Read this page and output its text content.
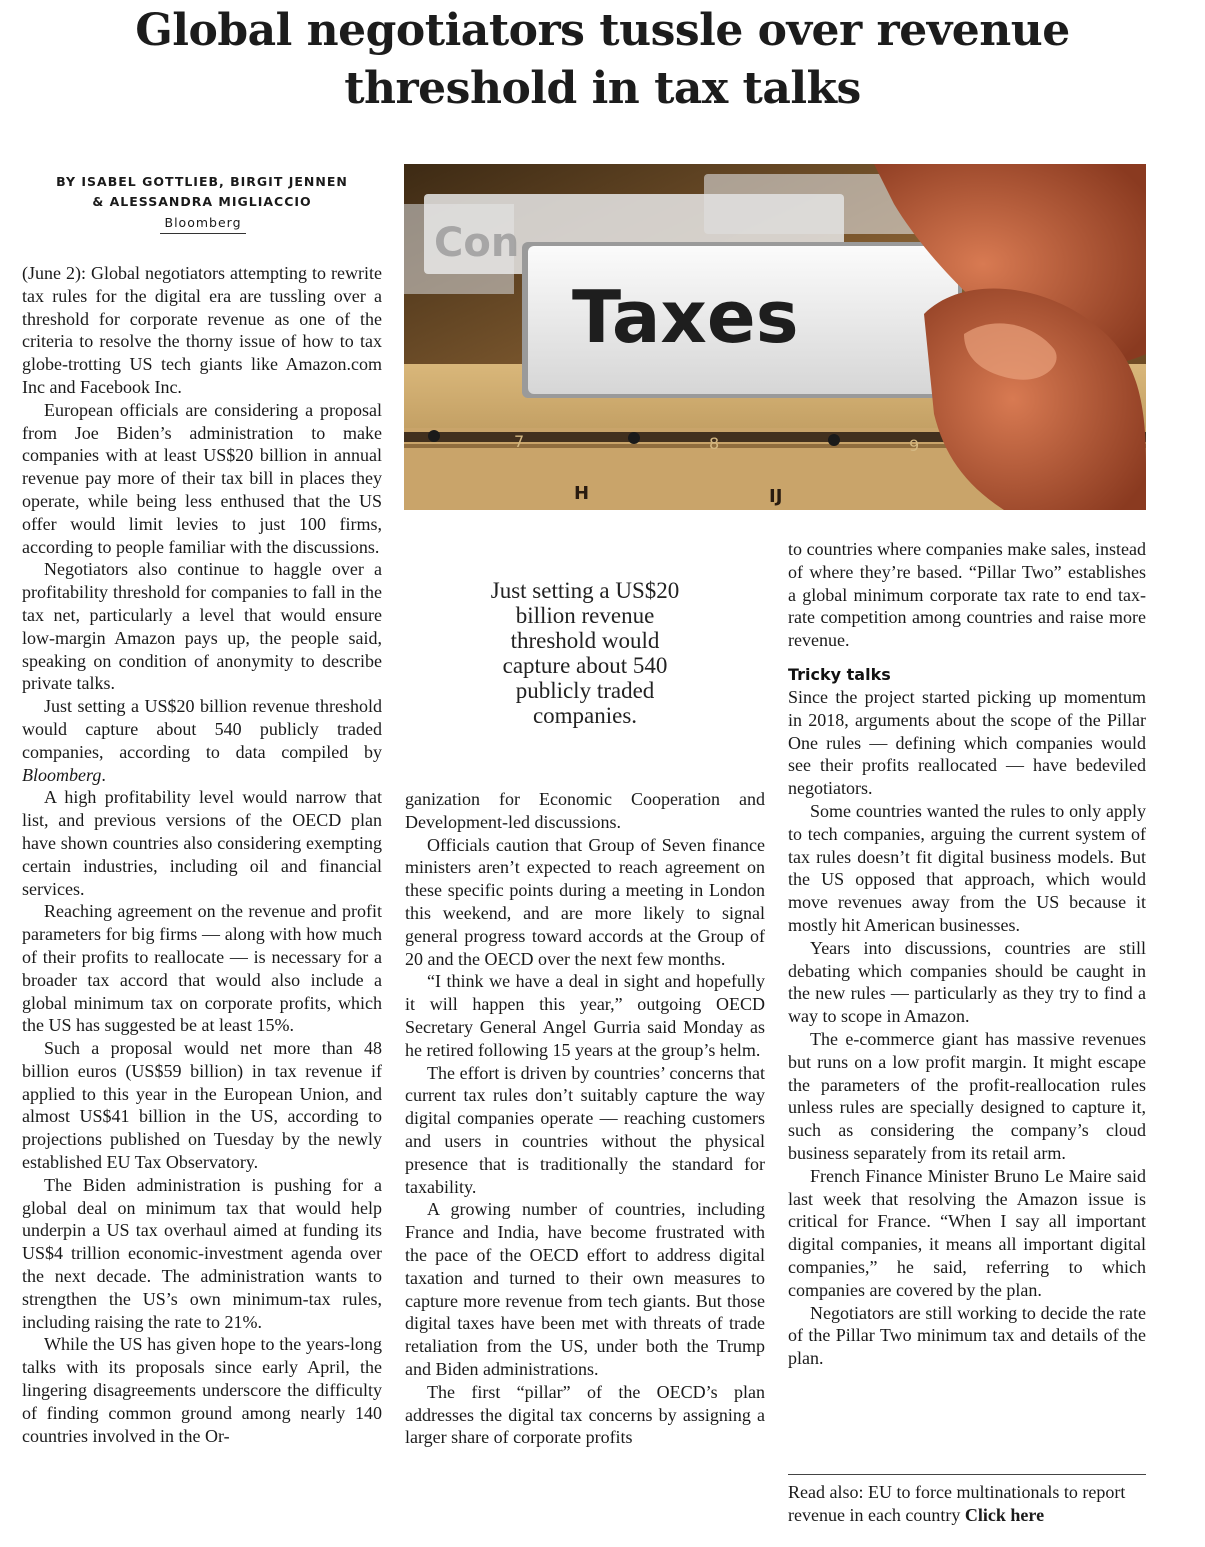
Global negotiators tussle over revenue
threshold in tax talks
BY ISABEL GOTTLIEB, BIRGIT JENNEN
& ALESSANDRA MIGLIACCIO
Bloomberg	Con
7	8	9
H	IJ
Taxes
Just setting a US$20
billion revenue
threshold would
capture about 540
publicly traded
companies.

(June 2): Global negotiators attempting to rewrite tax rules for the digital era are tussling over a threshold for corporate revenue as one of the criteria to resolve the thorny issue of how to tax globe-trotting US tech giants like Amazon.com Inc and Facebook Inc.

European officials are considering a proposal from Joe Biden’s administration to make companies with at least US$20 billion in annual revenue pay more of their tax bill in places they operate, while being less enthused that the US offer would limit levies to just 100 firms, according to people familiar with the discussions.

Negotiators also continue to haggle over a profitability threshold for companies to fall in the tax net, particularly a level that would ensure low-margin Amazon pays up, the people said, speaking on condition of anonymity to describe private talks.

Just setting a US$20 billion revenue threshold would capture about 540 publicly traded companies, according to data compiled by Bloomberg.

A high profitability level would narrow that list, and previous versions of the OECD plan have shown countries also considering exempting certain industries, including oil and financial services.

Reaching agreement on the revenue and profit parameters for big firms — along with how much of their profits to reallocate — is necessary for a broader tax accord that would also include a global minimum tax on corporate profits, which the US has suggested be at least 15%.

Such a proposal would net more than 48 billion euros (US$59 billion) in tax revenue if applied to this year in the European Union, and almost US$41 billion in the US, according to projections published on Tuesday by the newly established EU Tax Observatory.

The Biden administration is pushing for a global deal on minimum tax that would help underpin a US tax overhaul aimed at funding its US$4 trillion economic-investment agenda over the next decade. The administration wants to strengthen the US’s own minimum-tax rules, including raising the rate to 21%.

While the US has given hope to the years-long talks with its proposals since early April, the lingering disagreements underscore the difficulty of finding common ground among nearly 140 countries involved in the Or-

ganization for Economic Cooperation and Development-led discussions.

Officials caution that Group of Seven finance ministers aren’t expected to reach agreement on these specific points during a meeting in London this weekend, and are more likely to signal general progress toward accords at the Group of 20 and the OECD over the next few months.

“I think we have a deal in sight and hopefully it will happen this year,” outgoing OECD Secretary General Angel Gurria said Monday as he retired following 15 years at the group’s helm.

The effort is driven by countries’ concerns that current tax rules don’t suitably capture the way digital companies operate — reaching customers and users in countries without the physical presence that is traditionally the standard for taxability.

A growing number of countries, including France and India, have become frustrated with the pace of the OECD effort to address digital taxation and turned to their own measures to capture more revenue from tech giants. But those digital taxes have been met with threats of trade retaliation from the US, under both the Trump and Biden administrations.

The first “pillar” of the OECD’s plan addresses the digital tax concerns by assigning a larger share of corporate profits

to countries where companies make sales, instead of where they’re based. “Pillar Two” establishes a global minimum corporate tax rate to end tax-rate competition among countries and raise more revenue.

Tricky talks

Since the project started picking up momentum in 2018, arguments about the scope of the Pillar One rules — defining which companies would see their profits reallocated — have bedeviled negotiators.

Some countries wanted the rules to only apply to tech companies, arguing the current system of tax rules doesn’t fit digital business models. But the US opposed that approach, which would move revenues away from the US because it mostly hit American businesses.

Years into discussions, countries are still debating which companies should be caught in the new rules — particularly as they try to find a way to scope in Amazon.

The e-commerce giant has massive revenues but runs on a low profit margin. It might escape the parameters of the profit-reallocation rules unless rules are specially designed to capture it, such as considering the company’s cloud business separately from its retail arm.

French Finance Minister Bruno Le Maire said last week that resolving the Amazon issue is critical for France. “When I say all important digital companies, it means all important digital companies,” he said, referring to which companies are covered by the plan.

Negotiators are still working to decide the rate of the Pillar Two minimum tax and details of the plan.

Read also: EU to force multinationals to report revenue in each country Click here
